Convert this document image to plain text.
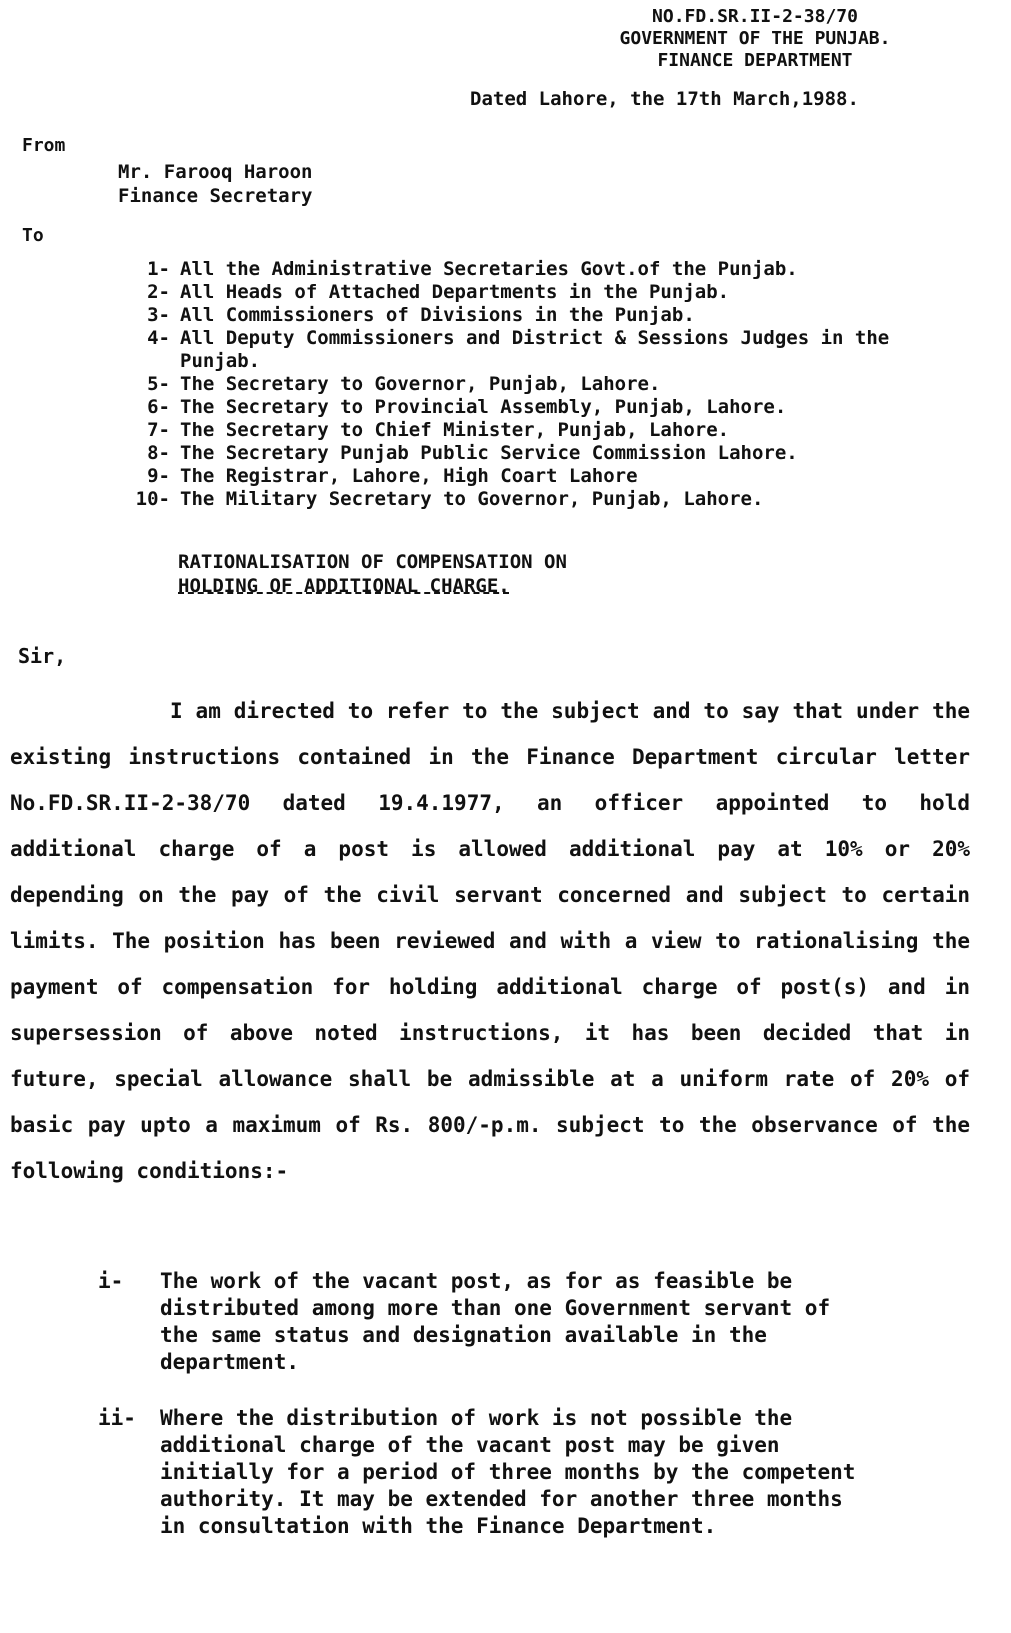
NO.FD.SR.II-2-38/70
GOVERNMENT OF THE PUNJAB.
FINANCE DEPARTMENT
Dated Lahore, the 17th March,1988.
From
Mr. Farooq Haroon
Finance Secretary
To
1- All the Administrative Secretaries Govt.of the Punjab.
2- All Heads of Attached Departments in the Punjab.
3- All Commissioners of Divisions in the Punjab.
4- All Deputy Commissioners and District & Sessions Judges in the Punjab.
5- The Secretary to Governor, Punjab, Lahore.
6- The Secretary to Provincial Assembly, Punjab, Lahore.
7- The Secretary to Chief Minister, Punjab, Lahore.
8- The Secretary Punjab Public Service Commission Lahore.
9- The Registrar, Lahore, High Coart Lahore
10- The Military Secretary to Governor, Punjab, Lahore.
RATIONALISATION OF COMPENSATION ON
HOLDING OF ADDITIONAL CHARGE.
Sir,
I am directed to refer to the subject and to say that under the existing instructions contained in the Finance Department circular letter No.FD.SR.II-2-38/70 dated 19.4.1977, an officer appointed to hold additional charge of a post is allowed additional pay at 10% or 20% depending on the pay of the civil servant concerned and subject to certain limits. The position has been reviewed and with a view to rationalising the payment of compensation for holding additional charge of post(s) and in supersession of above noted instructions, it has been decided that in future, special allowance shall be admissible at a uniform rate of 20% of basic pay upto a maximum of Rs. 800/-p.m. subject to the observance of the following conditions:-
i-	The work of the vacant post, as for as feasible be distributed among more than one Government servant of the same status and designation available in the department.
ii-	Where the distribution of work is not possible the additional charge of the vacant post may be given initially for a period of three months by the competent authority. It may be extended for another three months in consultation with the Finance Department.
